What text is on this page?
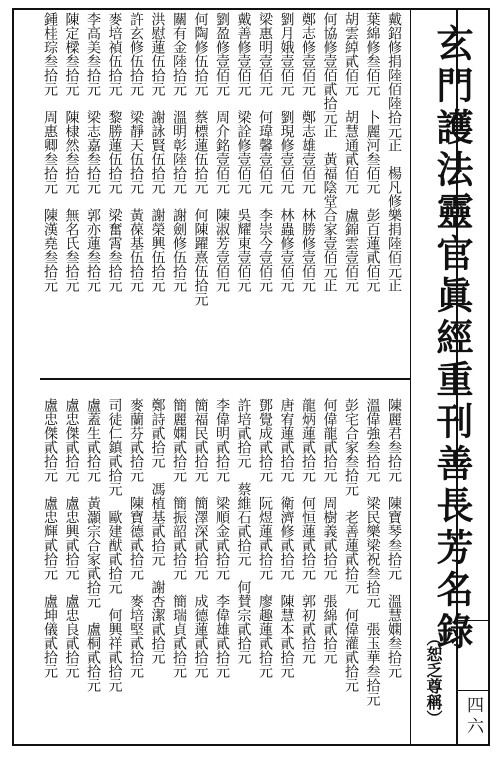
玄門護法靈官眞經重刊善長芳名錄
（恕乏尊稱） 四六
戴鉊修捐陸佰陸拾元正　楊凡修樂捐陸佰元正
葉綿修叁佰元　卜麗河叁佰元　彭百蓮貳佰元
胡雲綽貳佰元　胡慧通貳佰元　盧錦雲壹佰元
何協修壹佰貳拾元正　黃福陰堂合家壹佰元正
鄭志修壹佰元　鄭志雄壹佰元　林勝修壹佰元
劉月娥壹佰元　劉現修壹佰元　林蟲修壹佰元
梁惠明壹佰元　何瑋馨壹佰元　李崇今壹佰元
戴善修壹佰元　梁詮修壹佰元　吳耀東壹佰元
劉盈修壹佰元　周介銘壹佰元　陳淑芳壹佰元
何陶修伍拾元　蔡標蓮伍拾元　何陳躍熹伍拾元
關有金陸拾元　溫明彰陸拾元　謝劍修伍拾元
洪慰蓮伍拾元　謝詠賢伍拾元　謝榮興伍拾元
許玄修伍拾元　梁靜天伍拾元　黃葆基伍拾元
麥培禎伍拾元　黎勝蓮伍拾元　梁奮霄叁拾元
李高美叁拾元　梁志嘉叁拾元　郭亦蓮叁拾元
陳定樑叁拾元　陳棣然叁拾元　無名氏叁拾元
鍾桂琮叁拾元　周惠卿叁拾元　陳漢堯叁拾元
陳麗君叁拾元　陳寶琴叁拾元　溫慧嫻叁拾元
溫偉強叁拾元　梁民樂梁祝叁拾元　張玉華叁拾元
彭宅合家叁拾元　老善蓮貳拾元　何偉灌貳拾元
何偉龍貳拾元　周樹義貳拾元　張綿貳拾元
龍炳蓮貳拾元　何恒蓮貳拾元　郭初貳拾元
唐宥蓮貳拾元　衛濟修貳拾元　陳慧本貳拾元
鄧覺成貳拾元　阮煜蓮貳拾元　廖趣蓮貳拾元
許培貳拾元　蔡維石貳拾元　何賛宗貳拾元
李偉明貳拾元　梁順金貳拾元　李偉雄貳拾元
簡福民貳拾元　簡澤深貳拾元　成德蓮貳拾元
簡麗嫻貳拾元　簡振韶貳拾元　簡瑞貞貳拾元
鄭詩貳拾元　馮植基貳拾元　謝杏潔貳拾元
麥蘭芬貳拾元　陳寶德貳拾元　麥培堅貳拾元
司徒仁鎮貳拾元　歐建猷貳拾元　何興祥貳拾元
盧蓋生貳拾元　黃灝宗合家貳拾元　盧桐貳拾元
盧忠傑貳拾元　盧忠興貳拾元　盧忠良貳拾元
盧忠傑貳拾元　盧忠輝貳拾元　盧坤儀貳拾元
